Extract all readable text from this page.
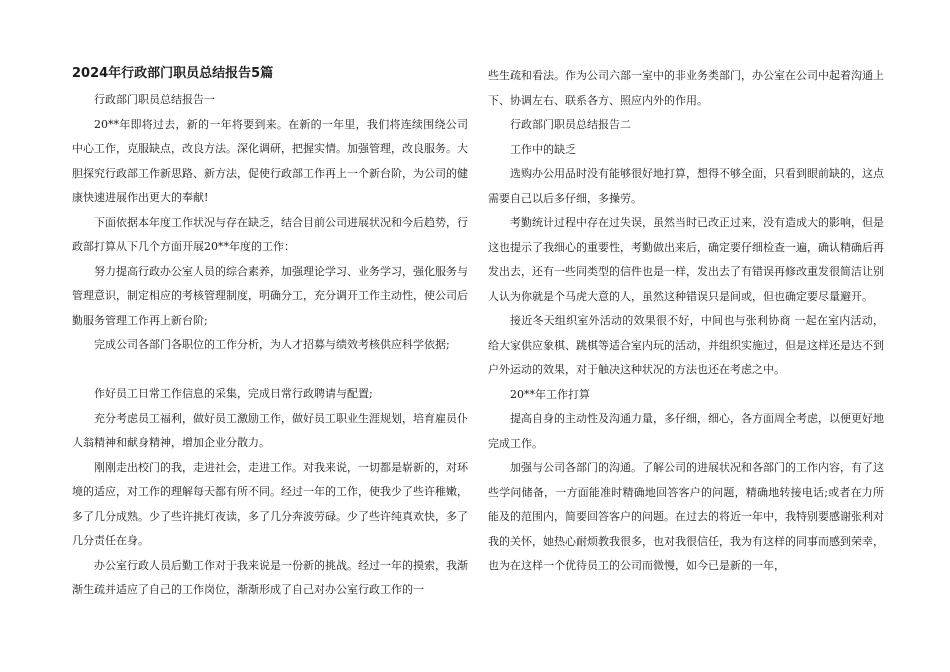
2024年行政部门职员总结报告5篇

行政部门职员总结报告一

20**年即将过去，新的一年将要到来。在新的一年里，我们将连续围绕公司中心工作，克服缺点，改良方法。深化调研，把握实情。加强管理，改良服务。大胆探究行政部工作新思路、新方法，促使行政部工作再上一个新台阶，为公司的健康快速进展作出更大的奉献!

下面依据本年度工作状况与存在缺乏，结合目前公司进展状况和今后趋势，行政部打算从下几个方面开展20**年度的工作：

努力提高行政办公室人员的综合素养，加强理论学习、业务学习，强化服务与管理意识，制定相应的考核管理制度，明确分工，充分调开工作主动性，使公司后勤服务管理工作再上新台阶;

完成公司各部门各职位的工作分析，为人才招募与绩效考核供应科学依据;

作好员工日常工作信息的采集，完成日常行政聘请与配置;

充分考虑员工福利，做好员工激励工作，做好员工职业生涯规划，培育雇员仆人翁精神和献身精神，增加企业分散力。

刚刚走出校门的我，走进社会，走进工作。对我来说，一切都是崭新的，对环境的适应，对工作的理解每天都有所不同。经过一年的工作，使我少了些许稚嫩，多了几分成熟。少了些许挑灯夜读，多了几分奔波劳碌。少了些许纯真欢快，多了几分责任在身。

办公室行政人员后勤工作对于我来说是一份新的挑战。经过一年的摸索，我渐渐生疏并适应了自己的工作岗位，渐渐形成了自己对办公室行政工作的一

些生疏和看法。作为公司六部一室中的非业务类部门，办公室在公司中起着沟通上下、协调左右、联系各方、照应内外的作用。

行政部门职员总结报告二

工作中的缺乏

选购办公用品时没有能够很好地打算，想得不够全面，只看到眼前缺的，这点需要自己以后多仔细，多操劳。

考勤统计过程中存在过失误，虽然当时已改正过来，没有造成大的影响，但是这也提示了我细心的重要性，考勤做出来后，确定要仔细检查一遍，确认精确后再发出去，还有一些同类型的信件也是一样，发出去了有错误再修改重发很简洁让别人认为你就是个马虎大意的人，虽然这种错误只是间或，但也确定要尽量避开。

接近冬天组织室外活动的效果很不好，中间也与张利协商 一起在室内活动，给大家供应象棋、跳棋等适合室内玩的活动，并组织实施过，但是这样还是达不到户外运动的效果，对于触决这种状况的方法也还在考虑之中。

20**年工作打算

提高自身的主动性及沟通力量，多仔细，细心，各方面周全考虑，以便更好地完成工作。

加强与公司各部门的沟通。了解公司的进展状况和各部门的工作内容，有了这些学问储备，一方面能准时精确地回答客户的问题，精确地转接电话;或者在力所能及的范围内，简要回答客户的问题。在过去的将近一年中，我特别要感谢张利对我的关怀，她热心耐烦教我很多，也对我很信任，我为有这样的同事而感到荣幸，也为在这样一个优待员工的公司而微慢，如今已是新的一年，
